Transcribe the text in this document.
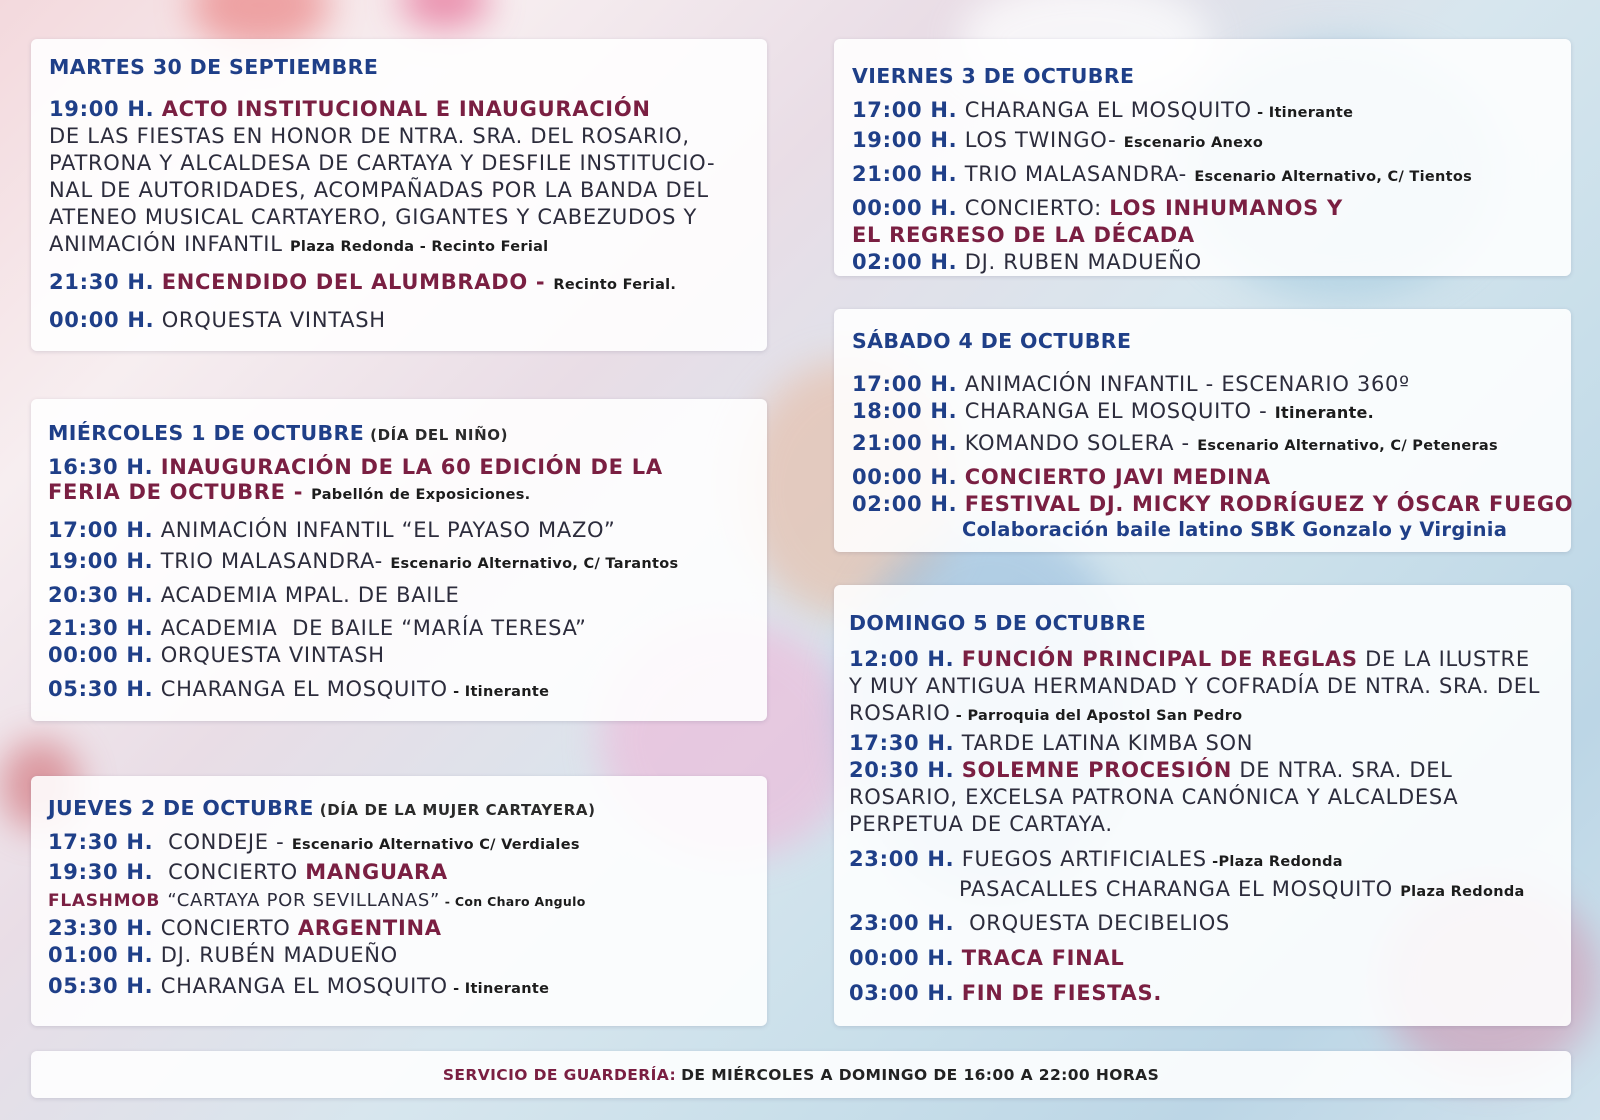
MARTES 30 DE SEPTIEMBRE
19:00 H. ACTO INSTITUCIONAL E INAUGURACIÓN
DE LAS FIESTAS EN HONOR DE NTRA. SRA. DEL ROSARIO,
PATRONA Y ALCALDESA DE CARTAYA Y DESFILE INSTITUCIO-
NAL DE AUTORIDADES, ACOMPAÑADAS POR LA BANDA DEL
ATENEO MUSICAL CARTAYERO, GIGANTES Y CABEZUDOS Y
ANIMACIÓN INFANTIL Plaza Redonda - Recinto Ferial
21:30 H. ENCENDIDO DEL ALUMBRADO - Recinto Ferial.
00:00 H. ORQUESTA VINTASH
MIÉRCOLES 1 DE OCTUBRE (DÍA DEL NIÑO)
16:30 H. INAUGURACIÓN DE LA 60 EDICIÓN DE LA
FERIA DE OCTUBRE - Pabellón de Exposiciones.
17:00 H. ANIMACIÓN INFANTIL “EL PAYASO MAZO”
19:00 H. TRIO MALASANDRA- Escenario Alternativo, C/ Tarantos
20:30 H. ACADEMIA MPAL. DE BAILE
21:30 H. ACADEMIA  DE BAILE “MARÍA TERESA”
00:00 H. ORQUESTA VINTASH
05:30 H. CHARANGA EL MOSQUITO - Itinerante
JUEVES 2 DE OCTUBRE (DÍA DE LA MUJER CARTAYERA)
17:30 H. CONDEJE - Escenario Alternativo C/ Verdiales
19:30 H. CONCIERTO MANGUARA
FLASHMOB “CARTAYA POR SEVILLANAS” - Con Charo Angulo
23:30 H. CONCIERTO ARGENTINA
01:00 H. DJ. RUBÉN MADUEÑO
05:30 H. CHARANGA EL MOSQUITO - Itinerante
VIERNES 3 DE OCTUBRE
17:00 H. CHARANGA EL MOSQUITO - Itinerante
19:00 H. LOS TWINGO- Escenario Anexo
21:00 H. TRIO MALASANDRA- Escenario Alternativo, C/ Tientos
00:00 H. CONCIERTO: LOS INHUMANOS Y
EL REGRESO DE LA DÉCADA
02:00 H. DJ. RUBEN MADUEÑO
SÁBADO 4 DE OCTUBRE
17:00 H. ANIMACIÓN INFANTIL - ESCENARIO 360º
18:00 H. CHARANGA EL MOSQUITO - Itinerante.
21:00 H. KOMANDO SOLERA - Escenario Alternativo, C/ Peteneras
00:00 H. CONCIERTO JAVI MEDINA
02:00 H. FESTIVAL DJ. MICKY RODRÍGUEZ Y ÓSCAR FUEGO
Colaboración baile latino SBK Gonzalo y Virginia
DOMINGO 5 DE OCTUBRE
12:00 H. FUNCIÓN PRINCIPAL DE REGLAS DE LA ILUSTRE
Y MUY ANTIGUA HERMANDAD Y COFRADÍA DE NTRA. SRA. DEL
ROSARIO - Parroquia del Apostol San Pedro
17:30 H. TARDE LATINA KIMBA SON
20:30 H. SOLEMNE PROCESIÓN DE NTRA. SRA. DEL
ROSARIO, EXCELSA PATRONA CANÓNICA Y ALCALDESA
PERPETUA DE CARTAYA.
23:00 H. FUEGOS ARTIFICIALES -Plaza Redonda
PASACALLES CHARANGA EL MOSQUITO Plaza Redonda
23:00 H. ORQUESTA DECIBELIOS
00:00 H. TRACA FINAL
03:00 H. FIN DE FIESTAS.
SERVICIO DE GUARDERÍA:
DE MIÉRCOLES A DOMINGO DE 16:00 A 22:00 HORAS
